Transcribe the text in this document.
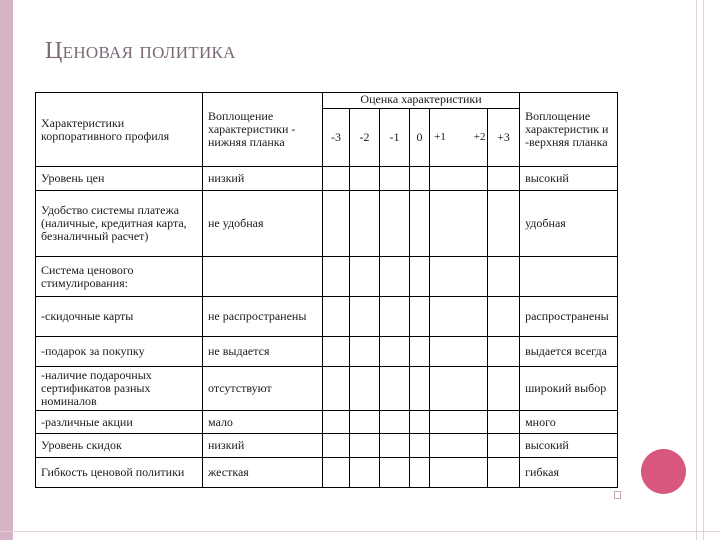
Ценовая политика
Характеристики корпоративного профиля	Воплощение характеристики - нижняя планка	Оценка характеристики						Воплощение характеристик и -верхняя планка
		-3	-2	-1	0	+1 +2	+3	
Уровень цен	низкий							высокий
Удобство системы платежа (наличные, кредитная карта, безналичный расчет)	не удобная							удобная
Система ценового стимулирования:								
-скидочные карты	не распространены							распространены
-подарок за покупку	не выдается							выдается всегда
-наличие подарочных сертификатов разных номиналов	отсутствуют							широкий выбор
-различные акции	мало							много
Уровень скидок	низкий							высокий
Гибкость ценовой политики	жесткая							гибкая
